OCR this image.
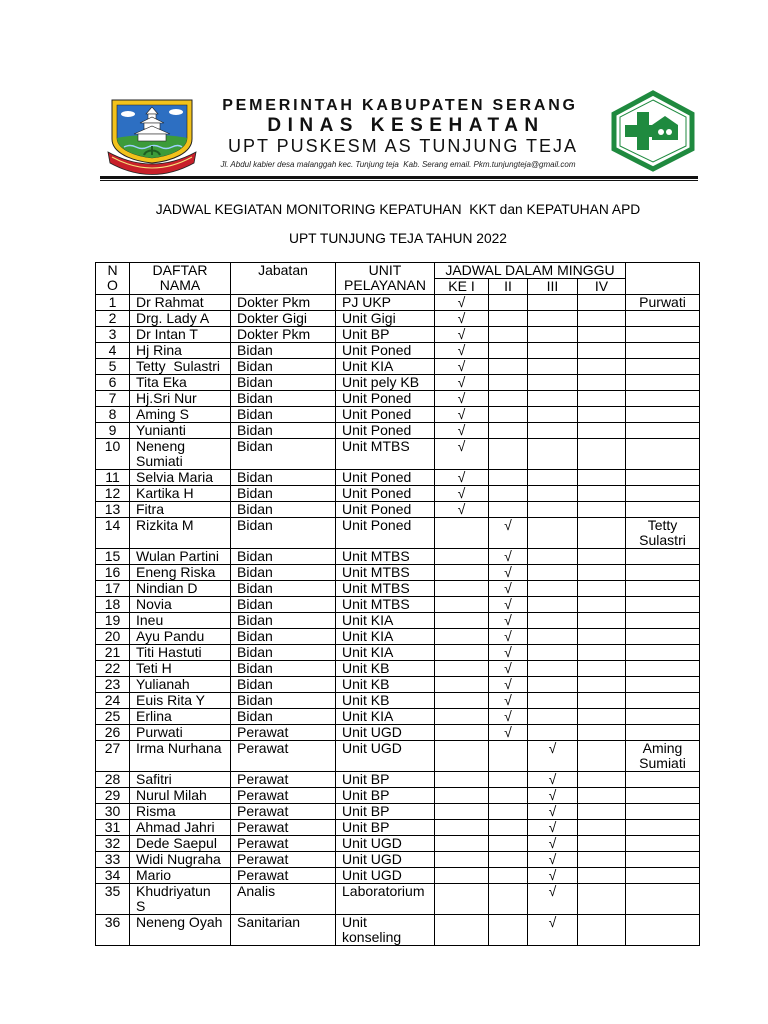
PEMERINTAH KABUPATEN SERANG
DINAS KESEHATAN
UPT PUSKESM AS TUNJUNG TEJA
Jl. Abdul kabier desa malanggah kec. Tunjung teja  Kab. Serang email. Pkm.tunjungteja@gmail.com
JADWAL KEGIATAN MONITORING KEPATUHAN  KKT dan KEPATUHAN APD
UPT TUNJUNG TEJA TAHUN 2022
N
O	DAFTAR
NAMA	Jabatan	UNIT
PELAYANAN	JADWAL DALAM MINGGU				
				KE I	II	III	IV	
1	Dr Rahmat	Dokter Pkm	PJ UKP	√				Purwati
2	Drg. Lady A	Dokter Gigi	Unit Gigi	√				
3	Dr Intan T	Dokter Pkm	Unit BP	√				
4	Hj Rina	Bidan	Unit Poned	√				
5	Tetty  Sulastri	Bidan	Unit KIA	√				
6	Tita Eka	Bidan	Unit pely KB	√				
7	Hj.Sri Nur	Bidan	Unit Poned	√				
8	Aming S	Bidan	Unit Poned	√				
9	Yunianti	Bidan	Unit Poned	√				
10	Neneng
Sumiati	Bidan	Unit MTBS	√				
11	Selvia Maria	Bidan	Unit Poned	√				
12	Kartika H	Bidan	Unit Poned	√				
13	Fitra	Bidan	Unit Poned	√				
14	Rizkita M	Bidan	Unit Poned		√			Tetty
Sulastri
15	Wulan Partini	Bidan	Unit MTBS		√			
16	Eneng Riska	Bidan	Unit MTBS		√			
17	Nindian D	Bidan	Unit MTBS		√			
18	Novia	Bidan	Unit MTBS		√			
19	Ineu	Bidan	Unit KIA		√			
20	Ayu Pandu	Bidan	Unit KIA		√			
21	Titi Hastuti	Bidan	Unit KIA		√			
22	Teti H	Bidan	Unit KB		√			
23	Yulianah	Bidan	Unit KB		√			
24	Euis Rita Y	Bidan	Unit KB		√			
25	Erlina	Bidan	Unit KIA		√			
26	Purwati	Perawat	Unit UGD		√			
27	Irma Nurhana	Perawat	Unit UGD			√		Aming
Sumiati
28	Safitri	Perawat	Unit BP			√		
29	Nurul Milah	Perawat	Unit BP			√		
30	Risma	Perawat	Unit BP			√		
31	Ahmad Jahri	Perawat	Unit BP			√		
32	Dede Saepul	Perawat	Unit UGD			√		
33	Widi Nugraha	Perawat	Unit UGD			√		
34	Mario	Perawat	Unit UGD			√		
35	Khudriyatun
S	Analis	Laboratorium			√		
36	Neneng Oyah	Sanitarian	Unit
konseling			√		
